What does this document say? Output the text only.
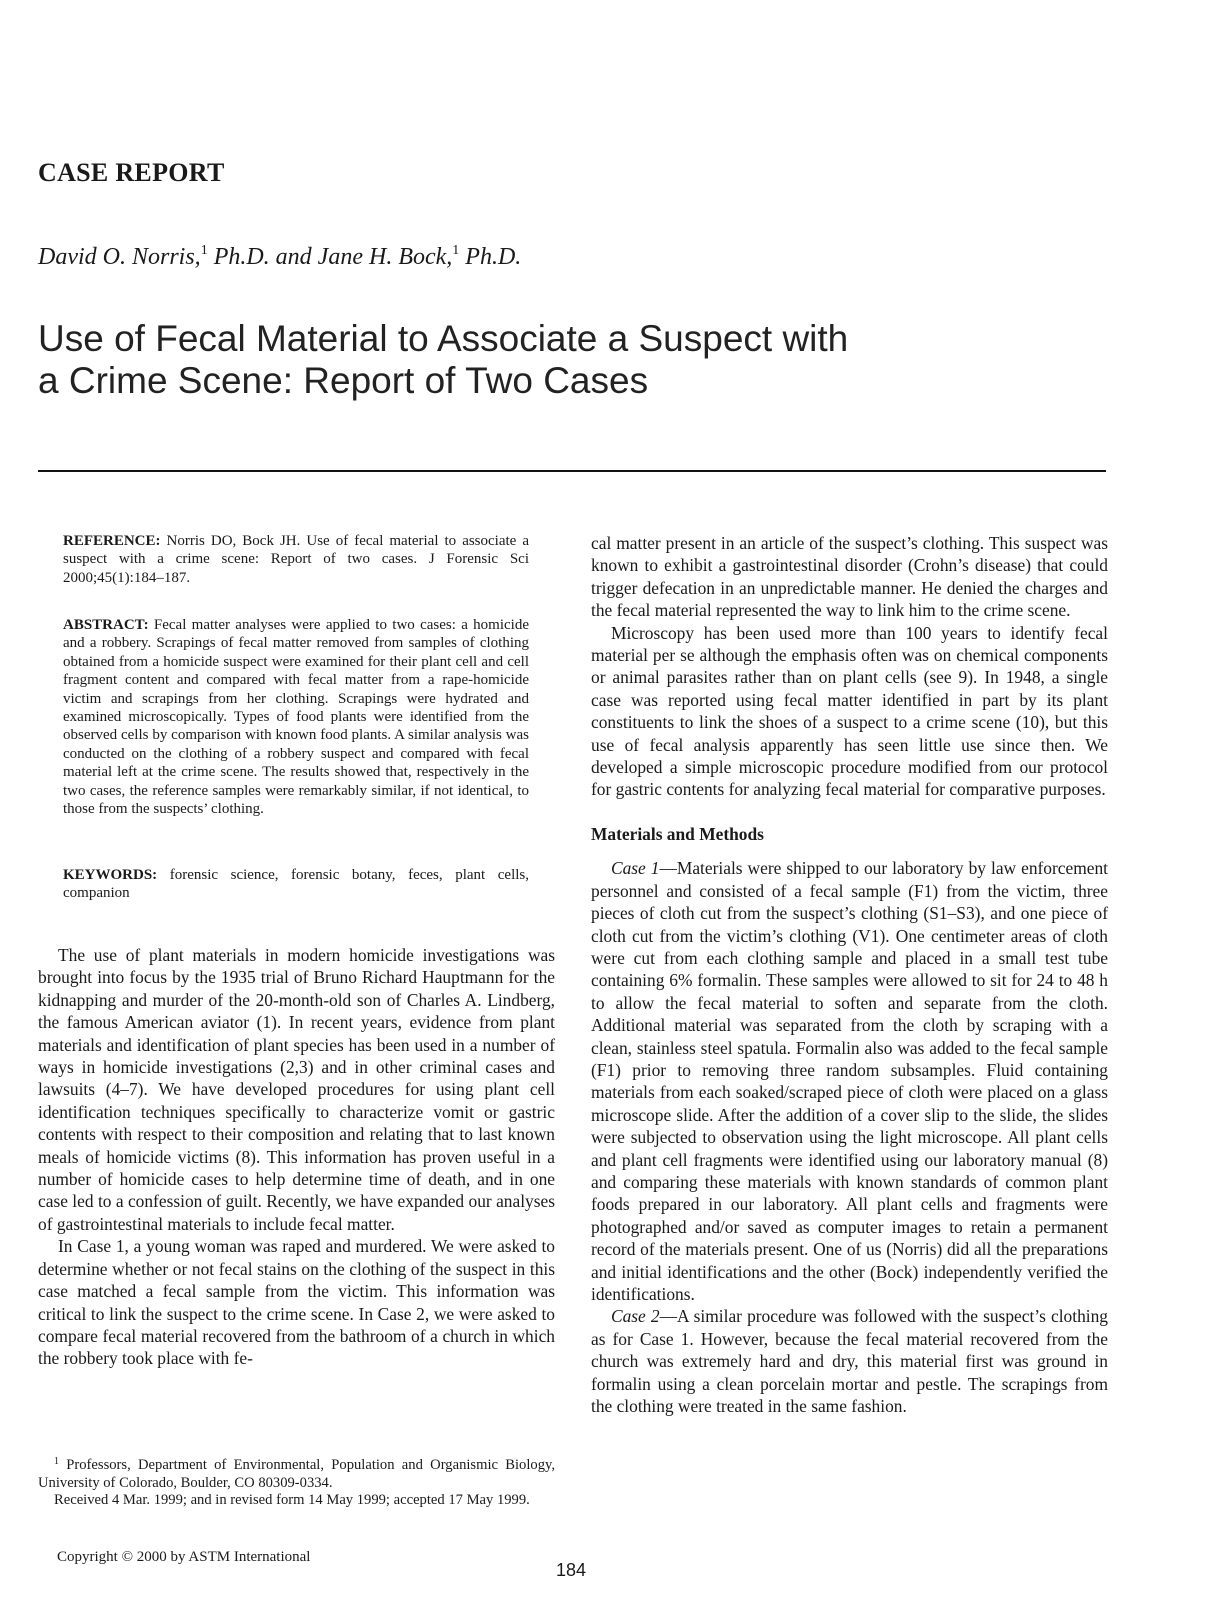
CASE REPORT
David O. Norris,$^1$ Ph.D. and Jane H. Bock,$^1$ Ph.D.
Use of Fecal Material to Associate a Suspect with
a Crime Scene: Report of Two Cases
REFERENCE: Norris DO, Bock JH. Use of fecal material to associate a suspect with a crime scene: Report of two cases. J Forensic Sci 2000;45(1):184–187.
ABSTRACT: Fecal matter analyses were applied to two cases: a homicide and a robbery. Scrapings of fecal matter removed from samples of clothing obtained from a homicide suspect were examined for their plant cell and cell fragment content and compared with fecal matter from a rape-homicide victim and scrapings from her clothing. Scrapings were hydrated and examined microscopically. Types of food plants were identified from the observed cells by comparison with known food plants. A similar analysis was conducted on the clothing of a robbery suspect and compared with fecal material left at the crime scene. The results showed that, respectively in the two cases, the reference samples were remarkably similar, if not identical, to those from the suspects’ clothing.
KEYWORDS: forensic science, forensic botany, feces, plant cells, companion

The use of plant materials in modern homicide investigations was brought into focus by the 1935 trial of Bruno Richard Hauptmann for the kidnapping and murder of the 20-month-old son of Charles A. Lindberg, the famous American aviator (1). In recent years, evidence from plant materials and identification of plant species has been used in a number of ways in homicide investigations (2,3) and in other criminal cases and lawsuits (4–7). We have developed procedures for using plant cell identification techniques specifically to characterize vomit or gastric contents with respect to their composition and relating that to last known meals of homicide victims (8). This information has proven useful in a number of homicide cases to help determine time of death, and in one case led to a confession of guilt. Recently, we have expanded our analyses of gastrointestinal materials to include fecal matter.

In Case 1, a young woman was raped and murdered. We were asked to determine whether or not fecal stains on the clothing of the suspect in this case matched a fecal sample from the victim. This information was critical to link the suspect to the crime scene. In Case 2, we were asked to compare fecal material recovered from the bathroom of a church in which the robbery took place with fe-

cal matter present in an article of the suspect’s clothing. This suspect was known to exhibit a gastrointestinal disorder (Crohn’s disease) that could trigger defecation in an unpredictable manner. He denied the charges and the fecal material represented the way to link him to the crime scene.

Microscopy has been used more than 100 years to identify fecal material per se although the emphasis often was on chemical components or animal parasites rather than on plant cells (see 9). In 1948, a single case was reported using fecal matter identified in part by its plant constituents to link the shoes of a suspect to a crime scene (10), but this use of fecal analysis apparently has seen little use since then. We developed a simple microscopic procedure modified from our protocol for gastric contents for analyzing fecal material for comparative purposes.

Materials and Methods

Case 1—Materials were shipped to our laboratory by law enforcement personnel and consisted of a fecal sample (F1) from the victim, three pieces of cloth cut from the suspect’s clothing (S1–S3), and one piece of cloth cut from the victim’s clothing (V1). One centimeter areas of cloth were cut from each clothing sample and placed in a small test tube containing 6% formalin. These samples were allowed to sit for 24 to 48 h to allow the fecal material to soften and separate from the cloth. Additional material was separated from the cloth by scraping with a clean, stainless steel spatula. Formalin also was added to the fecal sample (F1) prior to removing three random subsamples. Fluid containing materials from each soaked/scraped piece of cloth were placed on a glass microscope slide. After the addition of a cover slip to the slide, the slides were subjected to observation using the light microscope. All plant cells and plant cell fragments were identified using our laboratory manual (8) and comparing these materials with known standards of common plant foods prepared in our laboratory. All plant cells and fragments were photographed and/or saved as computer images to retain a permanent record of the materials present. One of us (Norris) did all the preparations and initial identifications and the other (Bock) independently verified the identifications.

Case 2—A similar procedure was followed with the suspect’s clothing as for Case 1. However, because the fecal material recovered from the church was extremely hard and dry, this material first was ground in formalin using a clean porcelain mortar and pestle. The scrapings from the clothing were treated in the same fashion.

$^1$ Professors, Department of Environmental, Population and Organismic Biology, University of Colorado, Boulder, CO 80309-0334.

Received 4 Mar. 1999; and in revised form 14 May 1999; accepted 17 May 1999.

Copyright © 2000 by ASTM International
184
